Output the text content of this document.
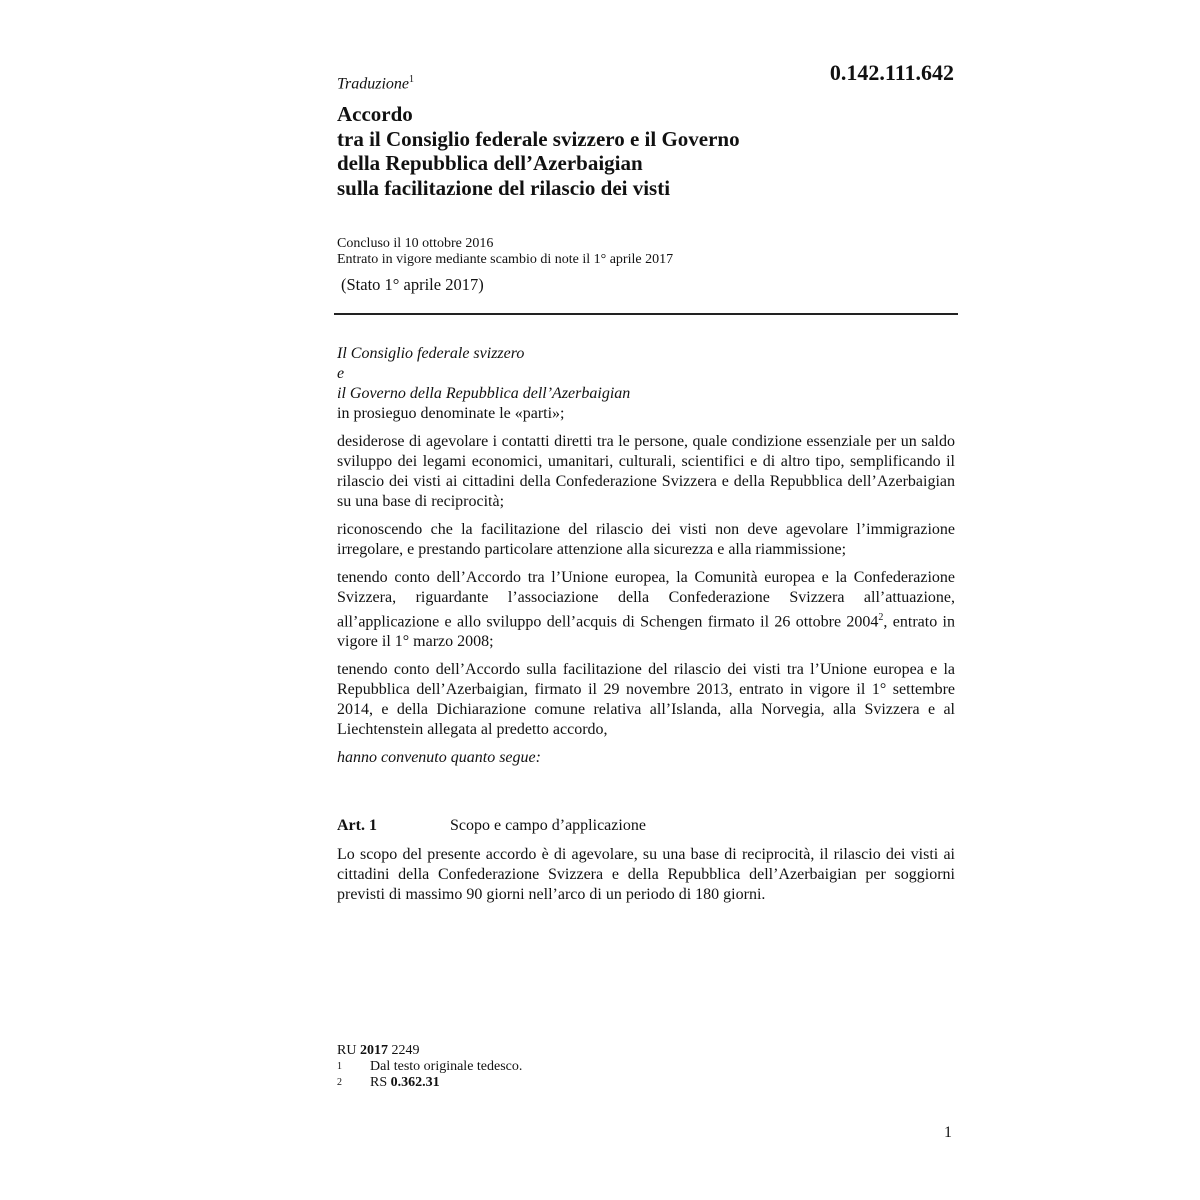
0.142.111.642
Traduzione$^1$
Accordo
tra il Consiglio federale svizzero e il Governo
della Repubblica dell’Azerbaigian
sulla facilitazione del rilascio dei visti
Concluso il 10 ottobre 2016
Entrato in vigore mediante scambio di note il 1° aprile 2017
(Stato 1° aprile 2017)
Il Consiglio federale svizzero
e
il Governo della Repubblica dell’Azerbaigian
in prosieguo denominate le «parti»;
desiderose di agevolare i contatti diretti tra le persone, quale condizione essenziale per un saldo sviluppo dei legami economici, umanitari, culturali, scientifici e di altro tipo, semplificando il rilascio dei visti ai cittadini della Confederazione Svizzera e della Repubblica dell’Azerbaigian su una base di reciprocità;
riconoscendo che la facilitazione del rilascio dei visti non deve agevolare l’immigrazione irregolare, e prestando particolare attenzione alla sicurezza e alla riammissione;
tenendo conto dell’Accordo tra l’Unione europea, la Comunità europea e la Confederazione Svizzera, riguardante l’associazione della Confederazione Svizzera all’attuazione, all’applicazione e allo sviluppo dell’acquis di Schengen firmato il 26 ottobre 2004$^2$, entrato in vigore il 1° marzo 2008;
tenendo conto dell’Accordo sulla facilitazione del rilascio dei visti tra l’Unione europea e la Repubblica dell’Azerbaigian, firmato il 29 novembre 2013, entrato in vigore il 1° settembre 2014, e della Dichiarazione comune relativa all’Islanda, alla Norvegia, alla Svizzera e al Liechtenstein allegata al predetto accordo,
hanno convenuto quanto segue:
Art. 1	Scopo e campo d’applicazione
Lo scopo del presente accordo è di agevolare, su una base di reciprocità, il rilascio dei visti ai cittadini della Confederazione Svizzera e della Repubblica dell’Azerbaigian per soggiorni previsti di massimo 90 giorni nell’arco di un periodo di 180 giorni.
RU 2017 2249
1	Dal testo originale tedesco.
2	RS
0.362.31
1
